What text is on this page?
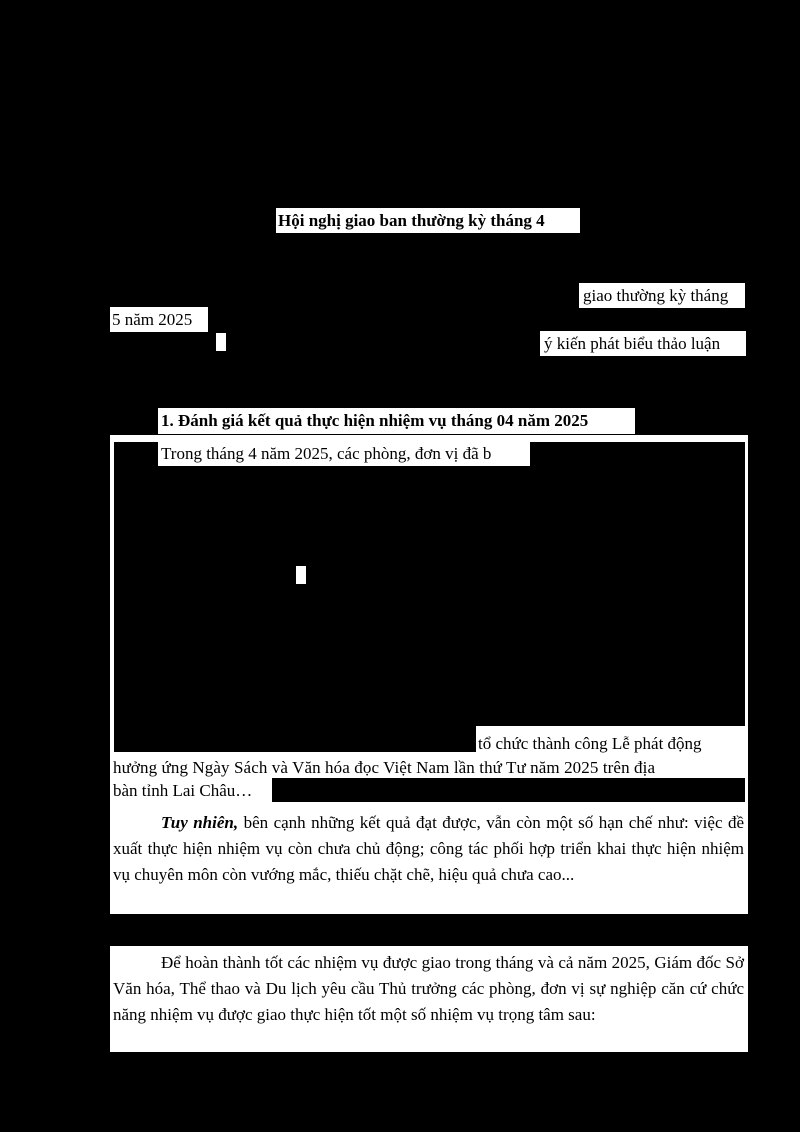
Hội nghị giao ban thường kỳ tháng 4
giao thường kỳ tháng
5 năm 2025
ý kiến phát biểu thảo luận
1. Đánh giá kết quả thực hiện nhiệm vụ tháng 04 năm 2025
Trong tháng 4 năm 2025, các phòng, đơn vị đã b
tổ chức thành công Lễ phát động
hưởng ứng Ngày Sách và Văn hóa đọc Việt Nam lần thứ Tư năm 2025 trên địa
bàn tỉnh Lai Châu…

Tuy nhiên, bên cạnh những kết quả đạt được, vẫn còn một số hạn chế như: việc đề xuất thực hiện nhiệm vụ còn chưa chủ động; công tác phối hợp triển khai thực hiện nhiệm vụ chuyên môn còn vướng mắc, thiếu chặt chẽ, hiệu quả chưa cao...

Để hoàn thành tốt các nhiệm vụ được giao trong tháng và cả năm 2025, Giám đốc Sở Văn hóa, Thể thao và Du lịch yêu cầu Thủ trưởng các phòng, đơn vị sự nghiệp căn cứ chức năng nhiệm vụ được giao thực hiện tốt một số nhiệm vụ trọng tâm sau:
